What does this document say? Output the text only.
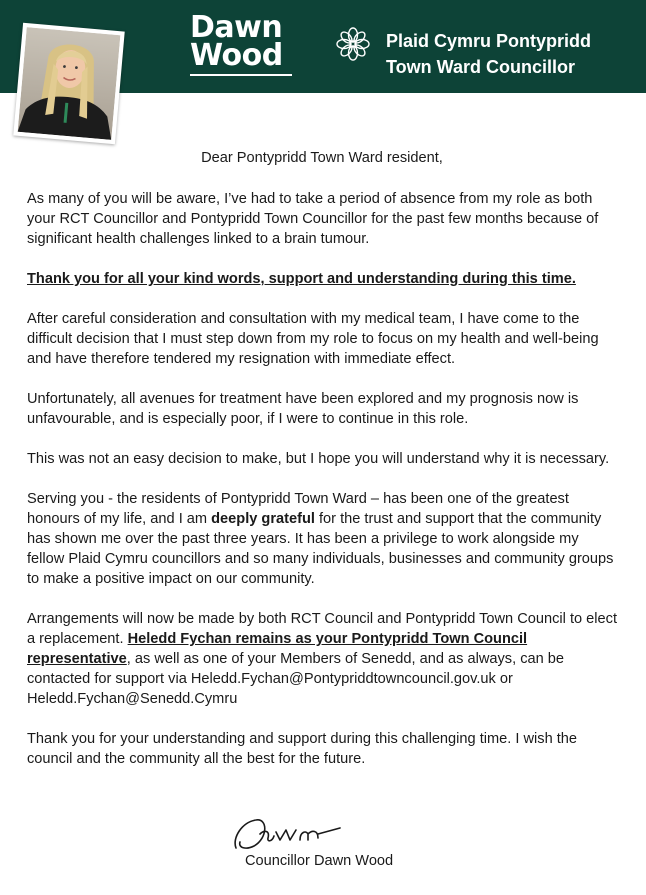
Dawn
Wood	Plaid Cymru Pontypridd
Town Ward Councillor
Dear Pontypridd Town Ward resident,

As many of you will be aware, I’ve had to take a period of absence from my role as both your RCT Councillor and Pontypridd Town Councillor for the past few months because of significant health challenges linked to a brain tumour.

Thank you for all your kind words, support and understanding during this time.

After careful consideration and consultation with my medical team, I have come to the difficult decision that I must step down from my role to focus on my health and well-being and have therefore tendered my resignation with immediate effect.

Unfortunately, all avenues for treatment have been explored and my prognosis now is unfavourable, and is especially poor, if I were to continue in this role.

This was not an easy decision to make, but I hope you will understand why it is necessary.

Serving you - the residents of Pontypridd Town Ward – has been one of the greatest honours of my life, and I am deeply grateful for the trust and support that the community has shown me over the past three years. It has been a privilege to work alongside my fellow Plaid Cymru councillors and so many individuals, businesses and community groups to make a positive impact on our community.

Arrangements will now be made by both RCT Council and Pontypridd Town Council to elect a replacement. Heledd Fychan remains as your Pontypridd Town Council representative, as well as one of your Members of Senedd, and as always, can be contacted for support via Heledd.Fychan@Pontypriddtowncouncil.gov.uk or Heledd.Fychan@Senedd.Cymru

Thank you for your understanding and support during this challenging time. I wish the council and the community all the best for the future.

Councillor Dawn Wood
